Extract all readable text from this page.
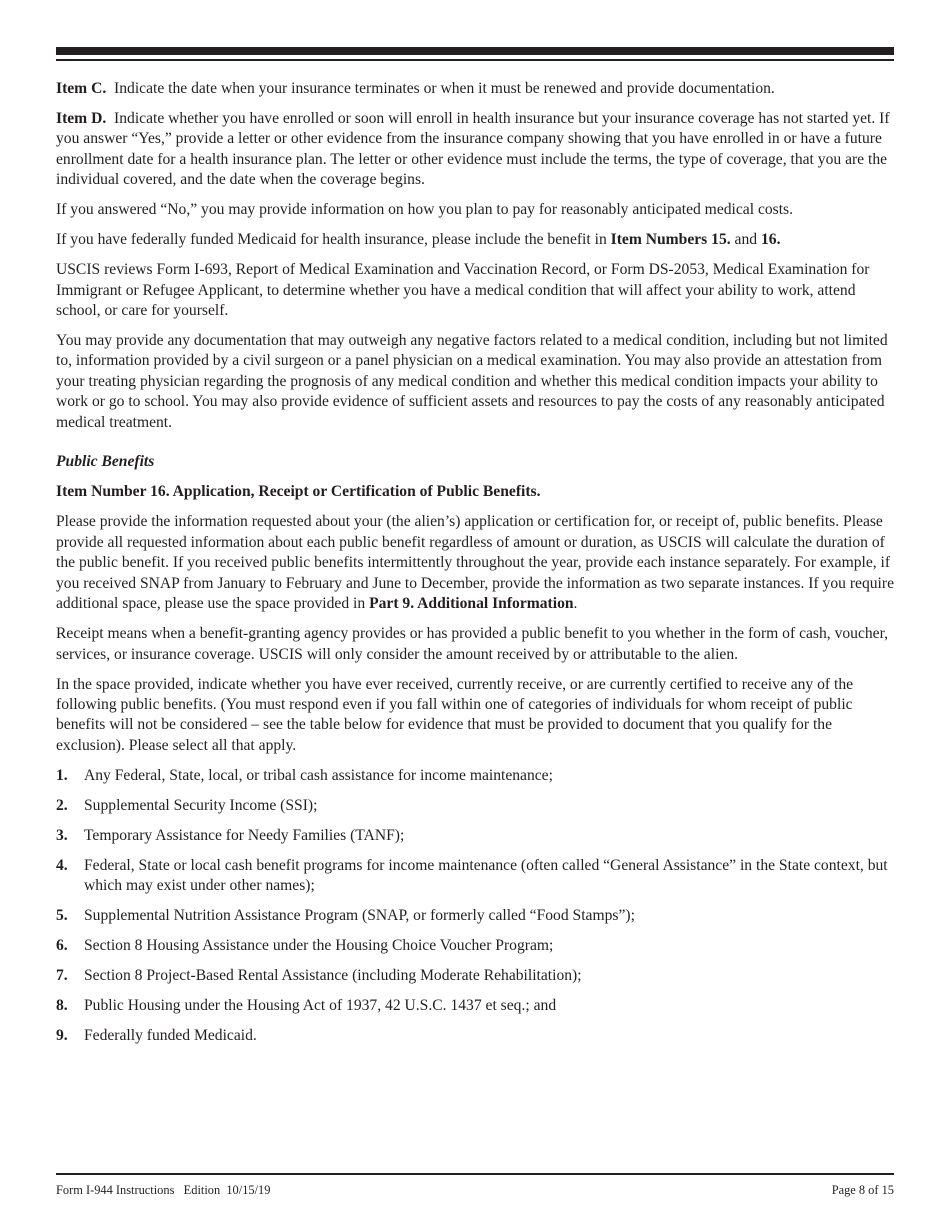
Item C. Indicate the date when your insurance terminates or when it must be renewed and provide documentation.

Item D. Indicate whether you have enrolled or soon will enroll in health insurance but your insurance coverage has not started yet. If you answer “Yes,” provide a letter or other evidence from the insurance company showing that you have enrolled in or have a future enrollment date for a health insurance plan. The letter or other evidence must include the terms, the type of coverage, that you are the individual covered, and the date when the coverage begins.

If you answered “No,” you may provide information on how you plan to pay for reasonably anticipated medical costs.

If you have federally funded Medicaid for health insurance, please include the benefit in Item Numbers 15. and 16.

USCIS reviews Form I-693, Report of Medical Examination and Vaccination Record, or Form DS-2053, Medical Examination for Immigrant or Refugee Applicant, to determine whether you have a medical condition that will affect your ability to work, attend school, or care for yourself.

You may provide any documentation that may outweigh any negative factors related to a medical condition, including but not limited to, information provided by a civil surgeon or a panel physician on a medical examination. You may also provide an attestation from your treating physician regarding the prognosis of any medical condition and whether this medical condition impacts your ability to work or go to school. You may also provide evidence of sufficient assets and resources to pay the costs of any reasonably anticipated medical treatment.

Public Benefits

Item Number 16. Application, Receipt or Certification of Public Benefits.

Please provide the information requested about your (the alien’s) application or certification for, or receipt of, public benefits. Please provide all requested information about each public benefit regardless of amount or duration, as USCIS will calculate the duration of the public benefit. If you received public benefits intermittently throughout the year, provide each instance separately. For example, if you received SNAP from January to February and June to December, provide the information as two separate instances. If you require additional space, please use the space provided in Part 9. Additional Information.

Receipt means when a benefit-granting agency provides or has provided a public benefit to you whether in the form of cash, voucher, services, or insurance coverage. USCIS will only consider the amount received by or attributable to the alien.

In the space provided, indicate whether you have ever received, currently receive, or are currently certified to receive any of the following public benefits. (You must respond even if you fall within one of categories of individuals for whom receipt of public benefits will not be considered – see the table below for evidence that must be provided to document that you qualify for the exclusion). Please select all that apply.

1.	Any Federal, State, local, or tribal cash assistance for income maintenance;
2.	Supplemental Security Income (SSI);
3.	Temporary Assistance for Needy Families (TANF);
4.	Federal, State or local cash benefit programs for income maintenance (often called “General Assistance” in the State context, but which may exist under other names);
5.	Supplemental Nutrition Assistance Program (SNAP, or formerly called “Food Stamps”);
6.	Section 8 Housing Assistance under the Housing Choice Voucher Program;
7.	Section 8 Project-Based Rental Assistance (including Moderate Rehabilitation);
8.	Public Housing under the Housing Act of 1937, 42 U.S.C. 1437 et seq.; and
9.	Federally funded Medicaid.
Form I-944 Instructions   Edition  10/15/19	Page 8 of 15
